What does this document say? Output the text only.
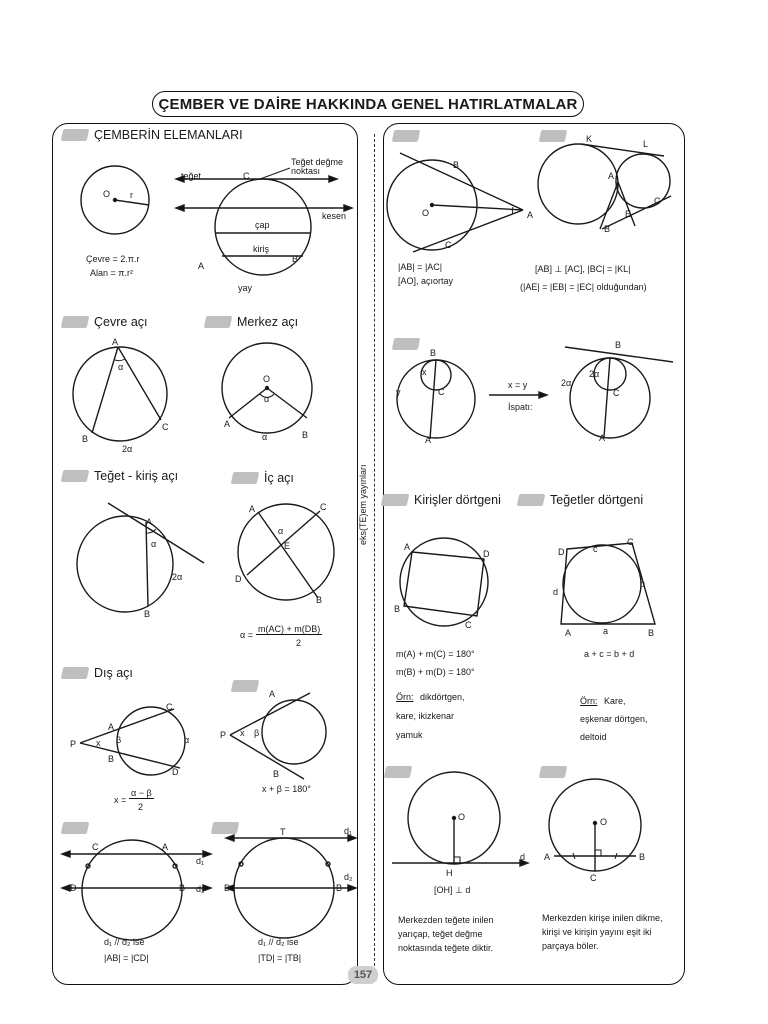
ÇEMBER VE DAİRE HAKKINDA GENEL HATIRLATMALAR
eks(TE)em yayınları
157
ÇEMBERİN ELEMANLARI
O r
Çevre = 2.π.r
Alan = π.r²
teğet	C
Teğet değme noktası
kesen
çap
kiriş
A
B
yay
Çevre açı	Merkez açı
A
α
B
C
2α
O
α
A
B
α
Teğet - kiriş açı	İç açı
A
α
2α
B
A	C
α
E
D
B
α =
m(AC) + m(DB)
2
Dış açı
P x β
A
C
B
D
α
x =
α − β
2
P x β
A
B
x + β = 180°
C	A
d₁
D	B d₂
d₁ // d₂ ise
|AB| = |CD|
T	d₁
D	B
d₂
d₁ // d₂ ise
|TD| = |TB|
B
O	A
C
|AB| = |AC|
[AO], açıortay
K	L
A
C
E
B
[AB] ⊥ [AC], |BC| = |KL|
(|AE| = |EB| = |EC| olduğundan)
B
x
C
y
A
x = y
İspatı:
B
2α
2α
C
A
Kirişler dörtgeni	Teğetler dörtgeni
A
D
B
C
m(A) + m(C) = 180°
m(B) + m(D) = 180°
Örn: dikdörtgen,
kare, ikizkenar
yamuk
D	c
C
b
d
A	a	B
a + c = b + d
Örn: Kare,
eşkenar dörtgen,
deltoid
O
H
d
[OH] ⊥ d
Merkezden teğete inilen
yarıçap, teğet değme
noktasında teğete diktir.
O
A	B
C
Merkezden kirişe inilen dikme,
kirişi ve kirişin yayını eşit iki
parçaya böler.
